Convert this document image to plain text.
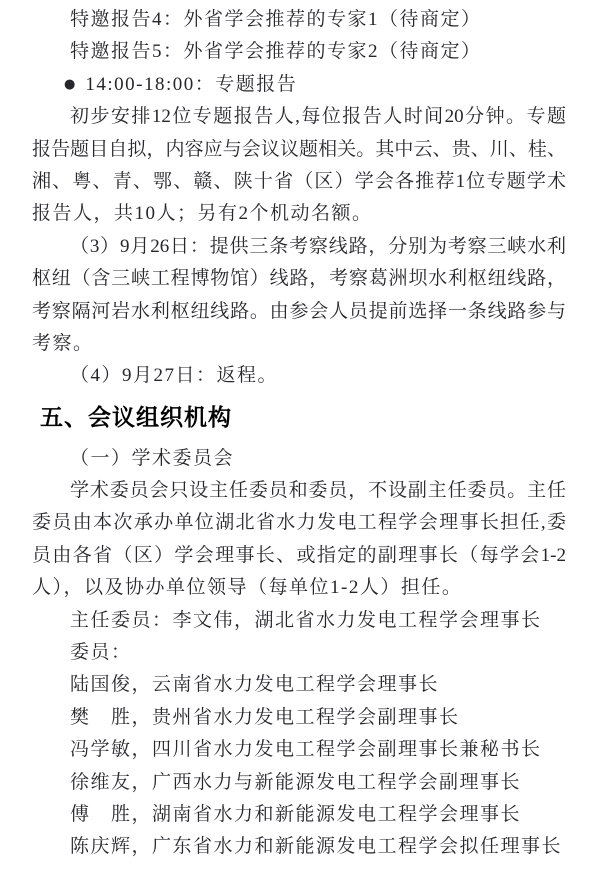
特邀报告4：外省学会推荐的专家1（待商定）
特邀报告5：外省学会推荐的专家2（待商定）
● 14:00-18:00：专题报告
初步安排12位专题报告人,每位报告人时间20分钟。专题
报告题目自拟，内容应与会议议题相关。其中云、贵、川、桂、
湘、粤、青、鄂、赣、陕十省（区）学会各推荐1位专题学术
报告人，共10人；另有2个机动名额。
（3）9月26日：提供三条考察线路，分别为考察三峡水利
枢纽（含三峡工程博物馆）线路，考察葛洲坝水利枢纽线路，
考察隔河岩水利枢纽线路。由参会人员提前选择一条线路参与
考察。
（4）9月27日：返程。
五、会议组织机构
（一）学术委员会
学术委员会只设主任委员和委员，不设副主任委员。主任
委员由本次承办单位湖北省水力发电工程学会理事长担任,委
员由各省（区）学会理事长、或指定的副理事长（每学会1-2
人），以及协办单位领导（每单位1-2人）担任。
主任委员：李文伟，湖北省水力发电工程学会理事长
委员：
陆国俊，云南省水力发电工程学会理事长
樊　胜，贵州省水力发电工程学会副理事长
冯学敏，四川省水力发电工程学会副理事长兼秘书长
徐维友，广西水力与新能源发电工程学会副理事长
傅　胜，湖南省水力和新能源发电工程学会理事长
陈庆辉，广东省水力和新能源发电工程学会拟任理事长
